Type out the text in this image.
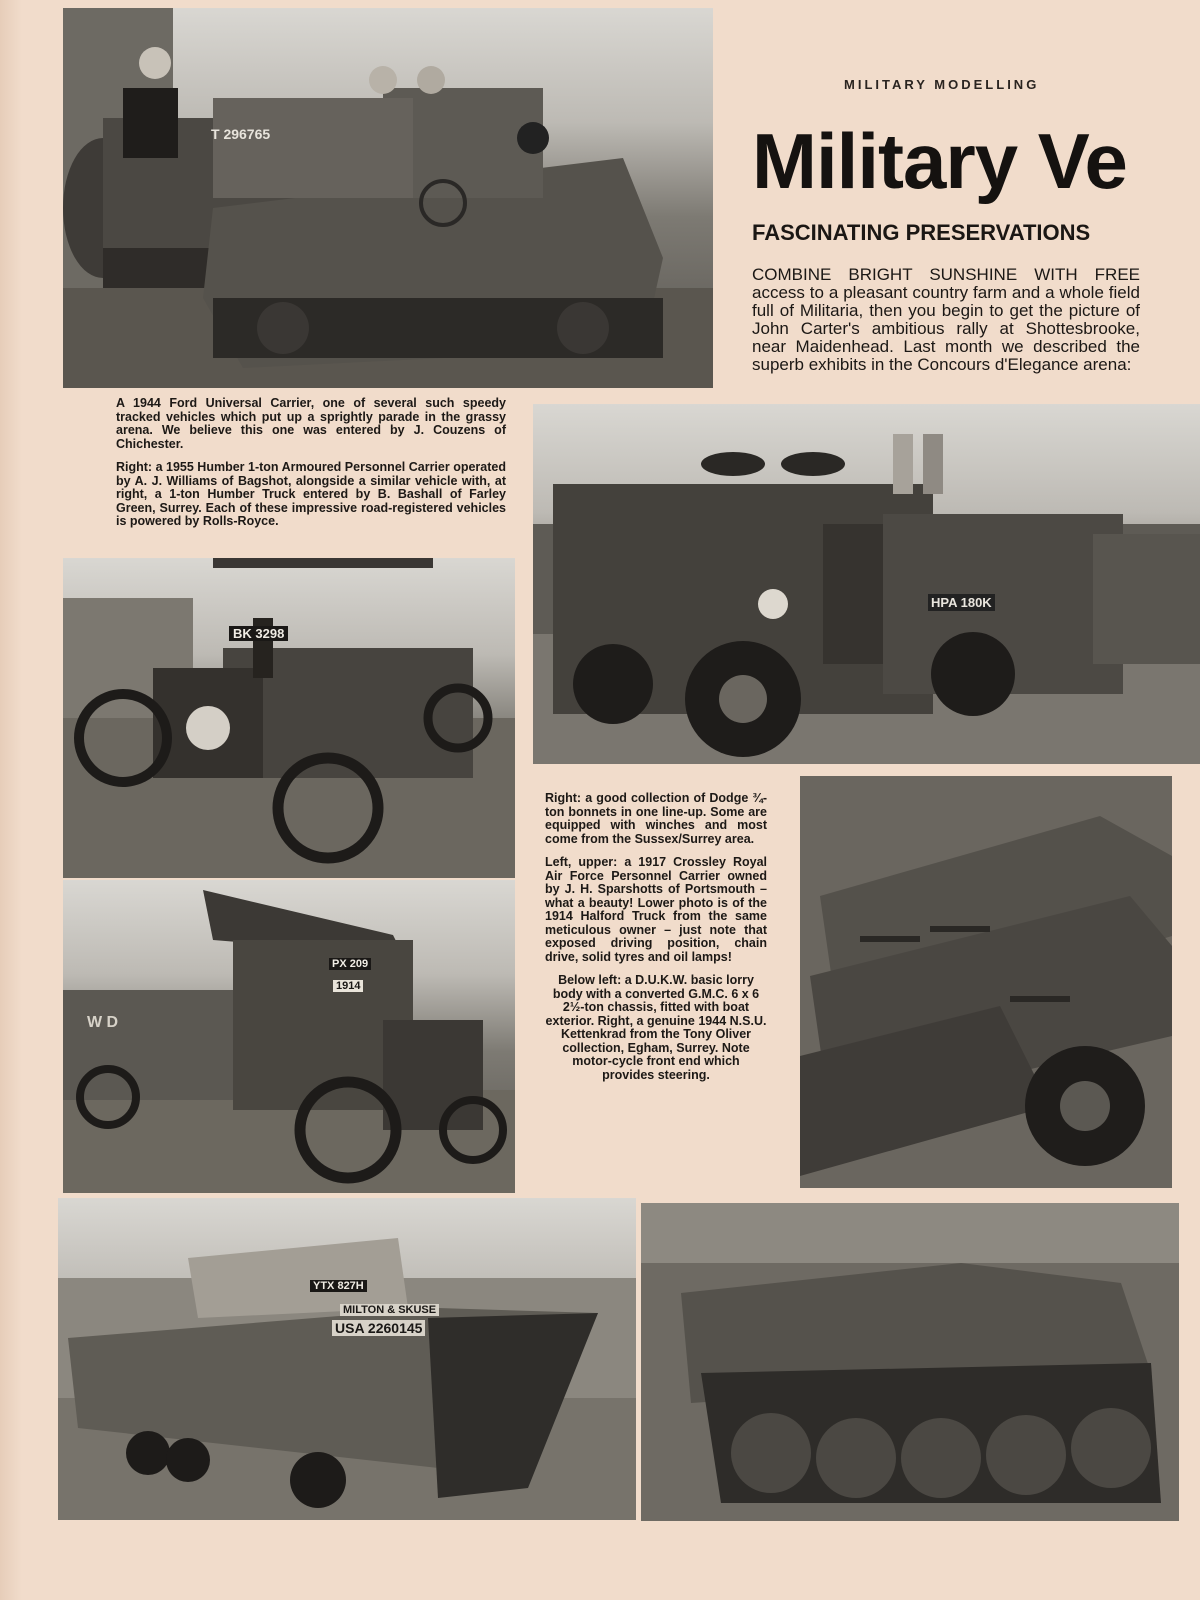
T 296765
MILITARY MODELLING
Military Ve
FASCINATING PRESERVATIONS
COMBINE BRIGHT SUNSHINE WITH FREE access to a pleasant country farm and a whole field full of Militaria, then you begin to get the picture of John Carter's ambitious rally at Shottesbrooke, near Maidenhead. Last month we described the superb exhibits in the Concours d'Elegance arena:

A 1944 Ford Universal Carrier, one of several such speedy tracked vehicles which put up a sprightly parade in the grassy arena. We believe this one was entered by J. Couzens of Chichester.

Right: a 1955 Humber 1-ton Armoured Personnel Carrier operated by A. J. Williams of Bagshot, alongside a similar vehicle with, at right, a 1-ton Humber Truck entered by B. Bashall of Farley Green, Surrey. Each of these impressive road-registered vehicles is powered by Rolls-Royce.

HPA 180K
BK 3298

Right: a good collection of Dodge ¾-ton bonnets in one line-up. Some are equipped with winches and most come from the Sussex/Surrey area.

Left, upper: a 1917 Crossley Royal Air Force Personnel Carrier owned by J. H. Sparshotts of Portsmouth – what a beauty! Lower photo is of the 1914 Halford Truck from the same meticulous owner – just note that exposed driving position, chain drive, solid tyres and oil lamps!

Below left: a D.U.K.W. basic lorry body with a converted G.M.C. 6 x 6 2½-ton chassis, fitted with boat exterior. Right, a genuine 1944 N.S.U. Kettenkrad from the Tony Oliver collection, Egham, Surrey. Note motor-cycle front end which provides steering.

W D
PX 209
1914
YTX 827H
MILTON & SKUSE
USA 2260145
